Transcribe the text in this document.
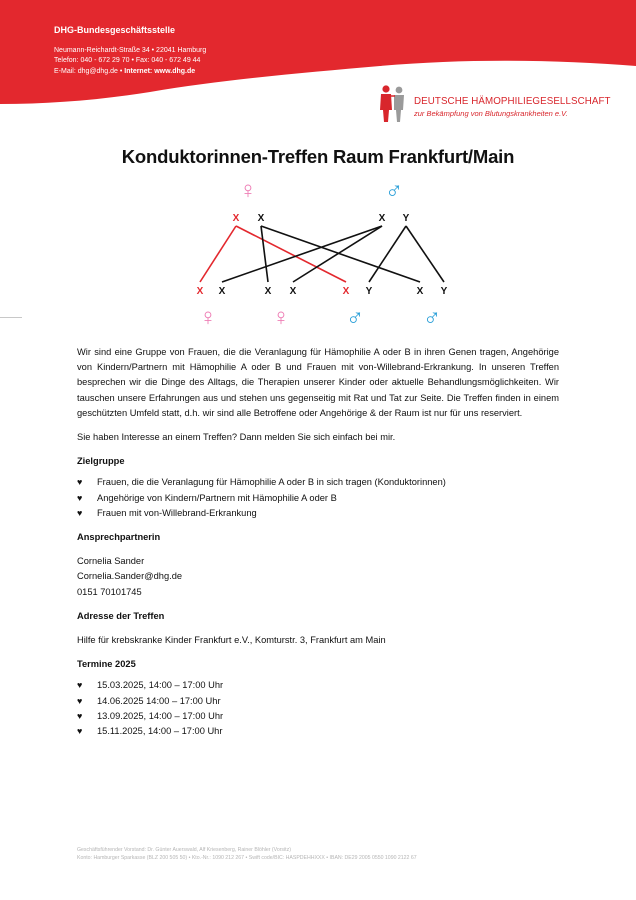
DHG-Bundesgeschäftsstelle
Neumann-Reichardt-Straße 34 • 22041 Hamburg
Telefon: 040 - 672 29 70 • Fax: 040 - 672 49 44
E-Mail: dhg@dhg.de • Internet: www.dhg.de
DEUTSCHE HÄMOPHILIEGESELLSCHAFT
zur Bekämpfung von Blutungskrankheiten e.V.
Konduktorinnen-Treffen Raum Frankfurt/Main
♀
X X
♂
X Y
♀
X X
♀
X X
♂
X Y
♂
X Y

Wir sind eine Gruppe von Frauen, die die Veranlagung für Hämophilie A oder B in ihren Genen tragen, Angehörige von Kindern/Partnern mit Hämophilie A oder B und Frauen mit von-Willebrand-Erkrankung. In unseren Treffen besprechen wir die Dinge des Alltags, die Therapien unserer Kinder oder aktuelle Behandlungsmöglichkeiten. Wir tauschen unsere Erfahrungen aus und stehen uns gegenseitig mit Rat und Tat zur Seite. Die Treffen finden in einem geschützten Umfeld statt, d.h. wir sind alle Betroffene oder Angehörige & der Raum ist nur für uns reserviert.

Sie haben Interesse an einem Treffen? Dann melden Sie sich einfach bei mir.

Zielgruppe

♥	Frauen, die die Veranlagung für Hämophilie A oder B in sich tragen (Konduktorinnen)
♥	Angehörige von Kindern/Partnern mit Hämophilie A oder B
♥	Frauen mit von-Willebrand-Erkrankung

Ansprechpartnerin

Cornelia Sander

Cornelia.Sander@dhg.de

0151 70101745

Adresse der Treffen

Hilfe für krebskranke Kinder Frankfurt e.V., Komturstr. 3, Frankfurt am Main

Termine 2025

♥	15.03.2025, 14:00 – 17:00 Uhr
♥	14.06.2025 14:00 – 17:00 Uhr
♥	13.09.2025, 14:00 – 17:00 Uhr
♥	15.11.2025, 14:00 – 17:00 Uhr
Geschäftsführender Vorstand: Dr. Günter Auerswald, Alf Kriesenberg, Rainer Blöhler (Vorsitz)
Konto: Hamburger Sparkasse (BLZ 200 505 50) • Kto.-Nr.: 1090 212 267 • Swift code/BIC: HASPDEHHXXX • IBAN: DE29 2005 0550 1090 2122 67
